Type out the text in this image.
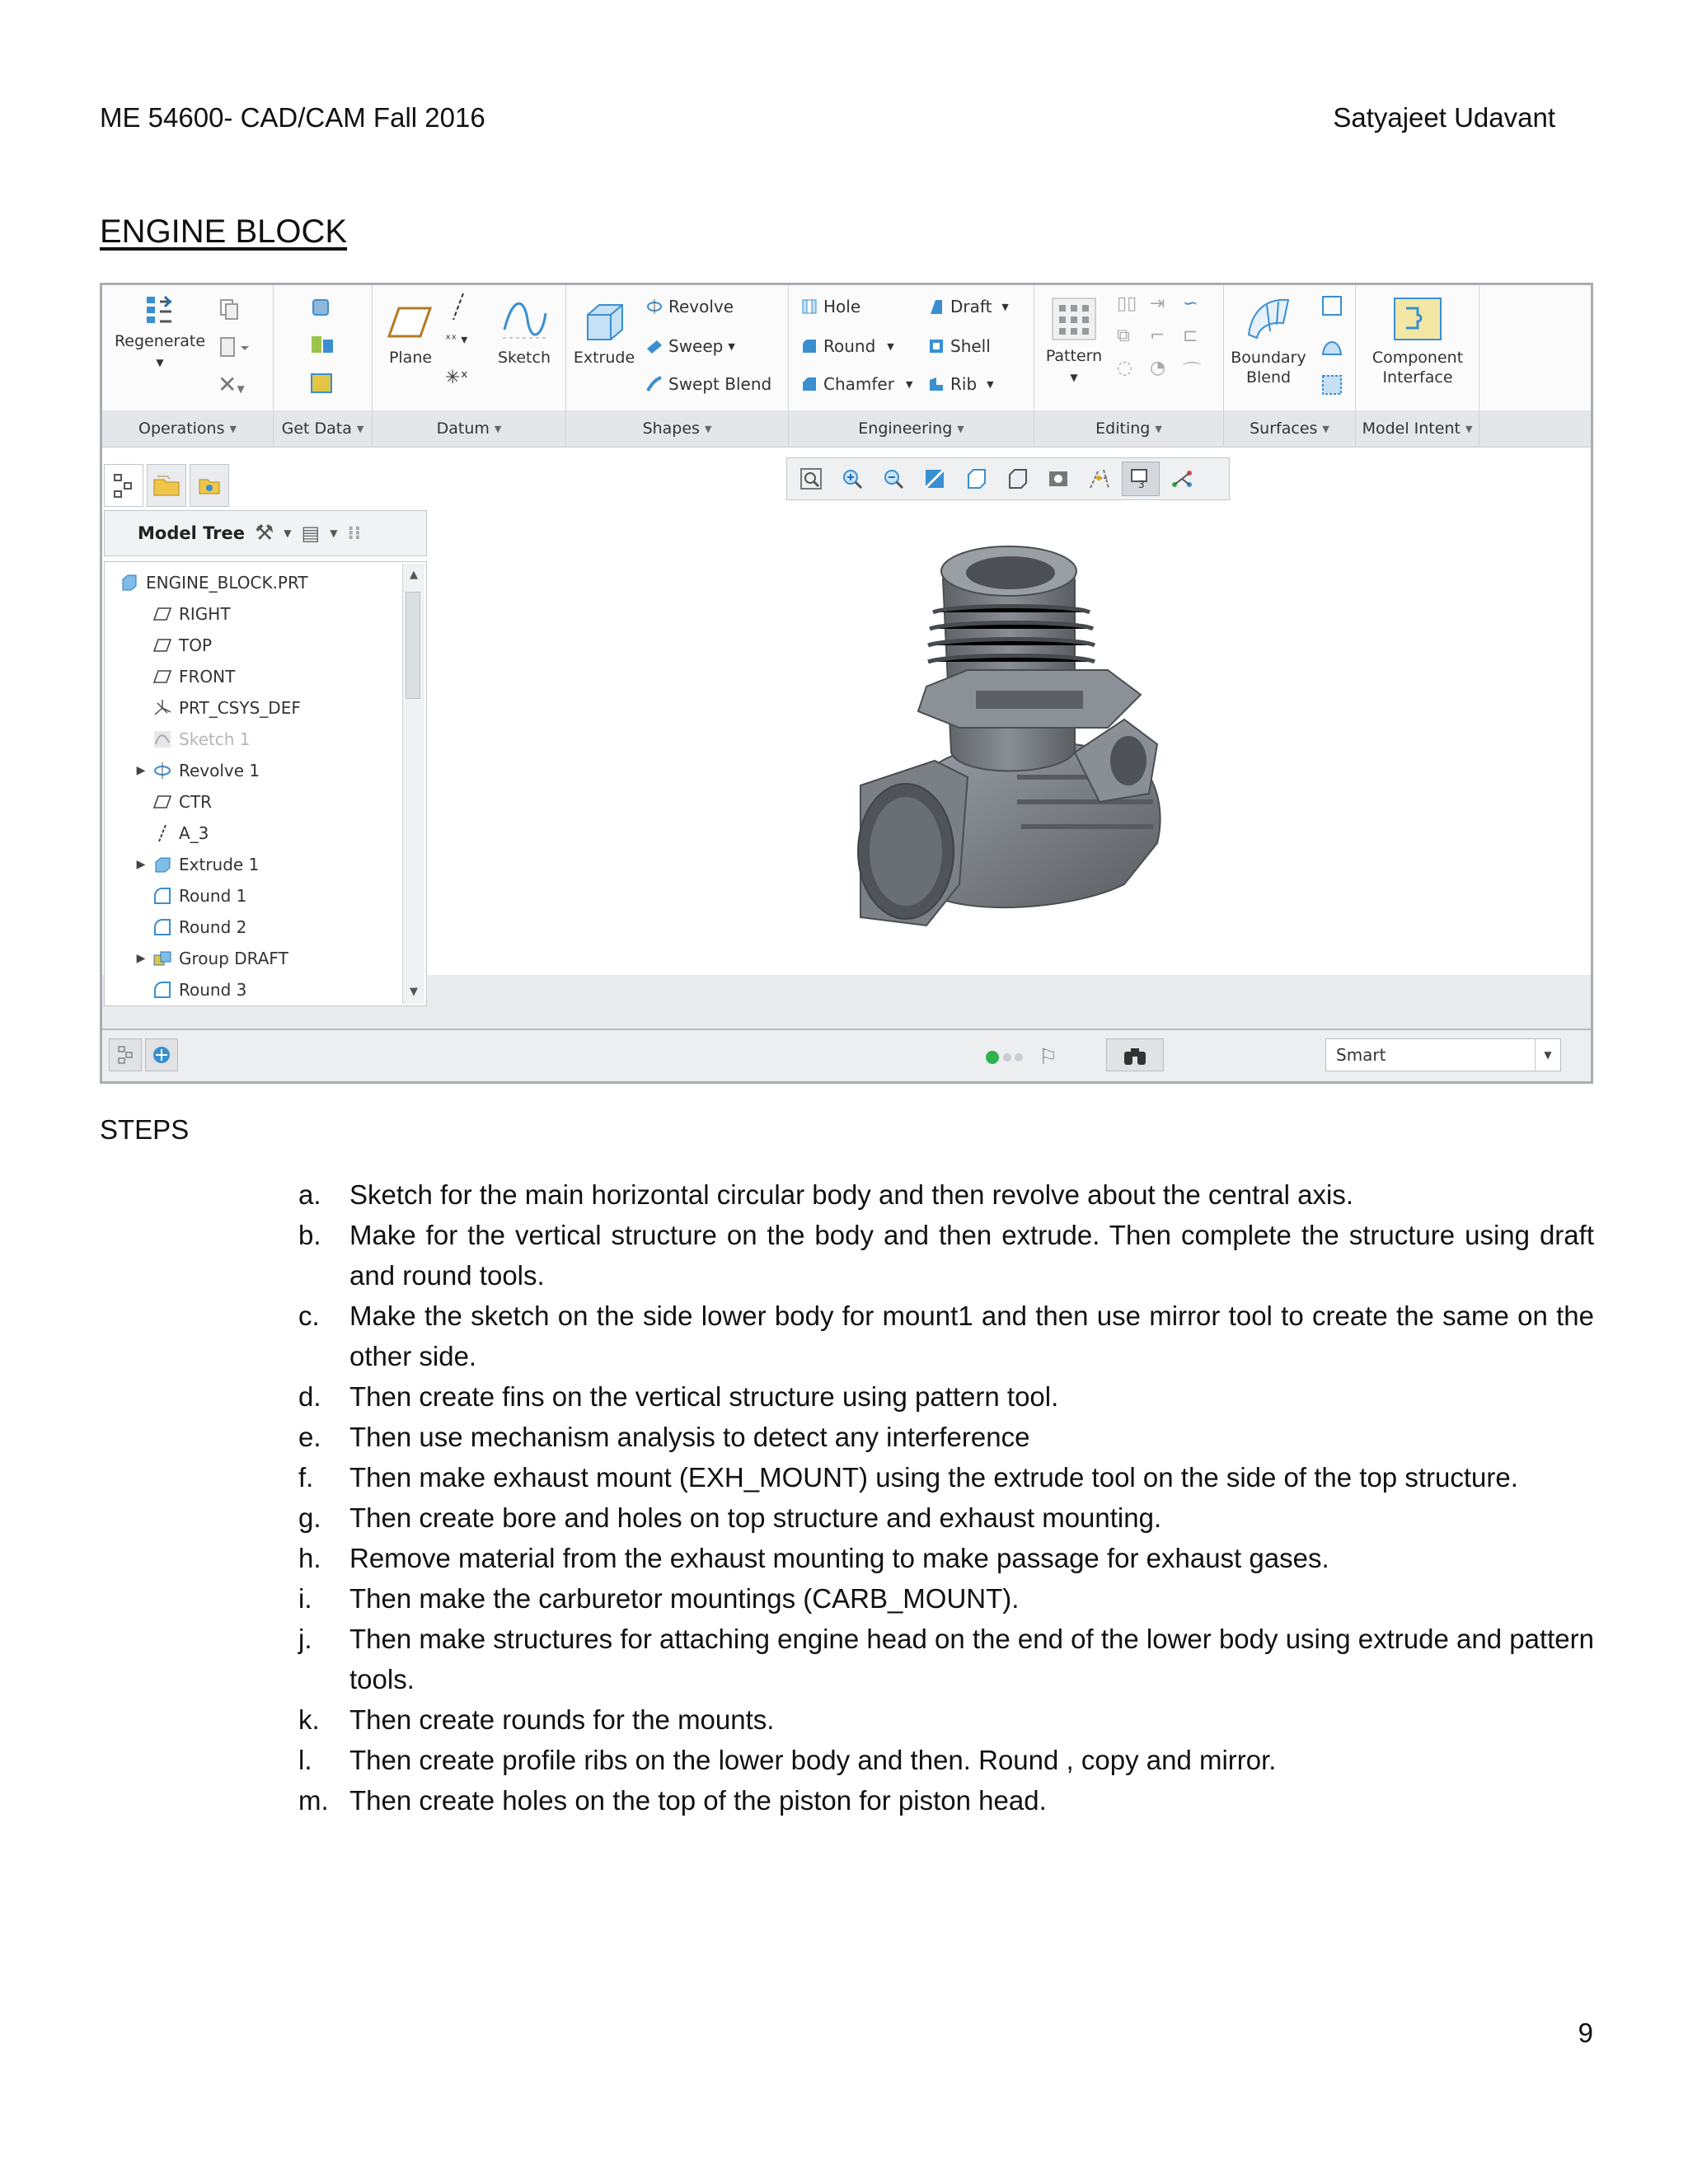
ME 54600- CAD/CAM Fall 2016	Satyajeet Udavant
ENGINE BLOCK

Regenerate
▼
✕▼

Plane
ˣˣ ▾
✳ˣ

Sketch	Extrude
Revolve
Sweep ▼
Swept Blend
Hole
Round ▼
Chamfer ▼
Draft ▼
Shell
Rib ▼

Pattern
▼
▯▯ ⇥ ∽
⧉	⌐ ⊏
◌ ◔ ⌒

Boundary
Blend

Component
Interface
Operations ▼	Get Data ▼	Datum ▼	Shapes ▼	Engineering ▼	Editing ▼	Surfaces ▼ Model Intent ▼
3
Model Tree ⚒ ▼ ▤ ▼ ⁝⁝
▲
▼
ENGINE_BLOCK.PRT
RIGHT
TOP
FRONT
PRT_CSYS_DEF
Sketch 1
▶	Revolve 1
CTR
A_3
▶	Extrude 1
Round 1
Round 2
▶	Group DRAFT
Round 3
⚐	Smart	▼
STEPS
a.	Sketch for the main horizontal circular body and then revolve about the central axis.
b.	Make for the vertical structure on the body and then extrude. Then complete the structure using draft and round tools.
c.	Make the sketch on the side lower body for mount1 and then use mirror tool to create the same on the other side.
d.	Then create fins on the vertical structure using pattern tool.
e.	Then use mechanism analysis to detect any interference
f.	Then make exhaust mount (EXH_MOUNT) using the extrude tool on the side of the top structure.
g.	Then create bore and holes on top structure and exhaust mounting.
h.	Remove material from the exhaust mounting to make passage for exhaust gases.
i.	Then make the carburetor mountings (CARB_MOUNT).
j.	Then make structures for attaching engine head on the end of the lower body using extrude and pattern tools.
k.	Then create rounds for the mounts.
l.	Then create profile ribs on the lower body and then. Round , copy and mirror.
m. Then create holes on the top of the piston for piston head.
9
